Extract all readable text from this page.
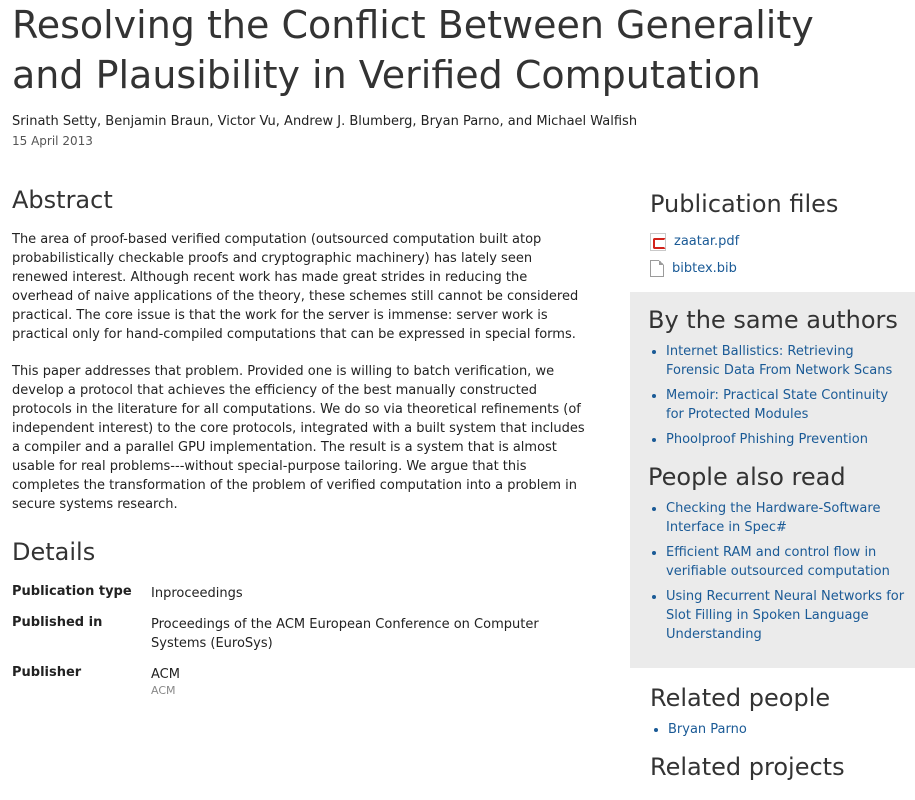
Resolving the Conflict Between Generality and Plausibility in Verified Computation
Srinath Setty, Benjamin Braun, Victor Vu, Andrew J. Blumberg, Bryan Parno, and Michael Walfish
15 April 2013
Abstract

The area of proof-based verified computation (outsourced computation built atop probabilistically checkable proofs and cryptographic machinery) has lately seen renewed interest. Although recent work has made great strides in reducing the overhead of naive applications of the theory, these schemes still cannot be considered practical. The core issue is that the work for the server is immense: server work is practical only for hand-compiled computations that can be expressed in special forms.

This paper addresses that problem. Provided one is willing to batch verification, we develop a protocol that achieves the efficiency of the best manually constructed protocols in the literature for all computations. We do so via theoretical refinements (of independent interest) to the core protocols, integrated with a built system that includes a compiler and a parallel GPU implementation. The result is a system that is almost usable for real problems---without special-purpose tailoring. We argue that this completes the transformation of the problem of verified computation into a problem in secure systems research.

Details
Publication type	Inproceedings
Published in	Proceedings of the ACM European Conference on Computer Systems (EuroSys)
Publisher	ACM
ACM
Publication files
zaatar.pdf
bibtex.bib
By the same authors
• Internet Ballistics: Retrieving Forensic Data From Network Scans
• Memoir: Practical State Continuity for Protected Modules
• Phoolproof Phishing Prevention
People also read
• Checking the Hardware-Software Interface in Spec#
• Efficient RAM and control flow in verifiable outsourced computation
• Using Recurrent Neural Networks for Slot Filling in Spoken Language Understanding
Related people
• Bryan Parno
Related projects
